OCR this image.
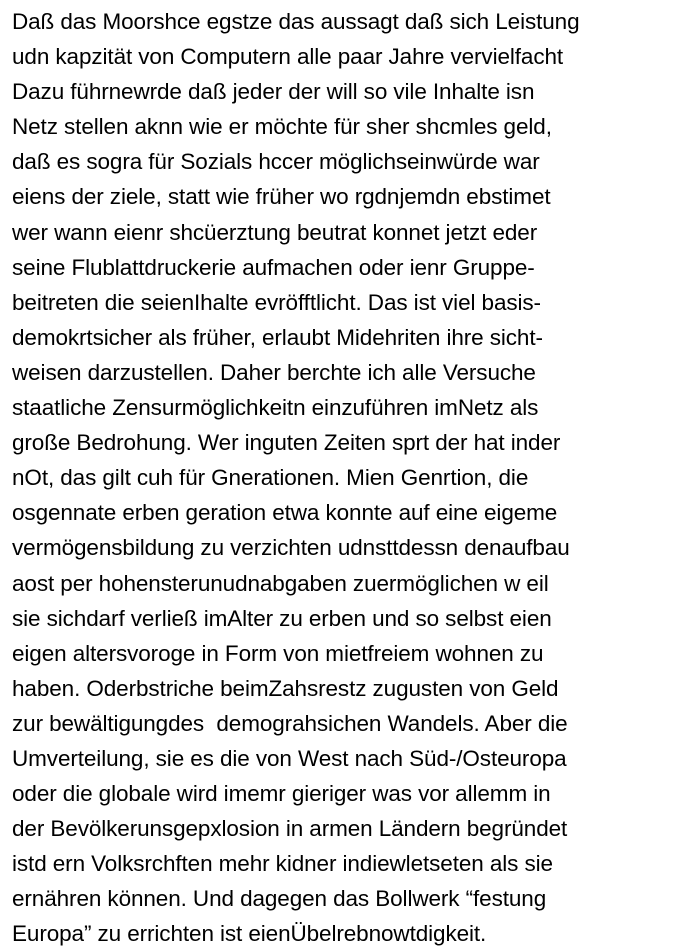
Daß das Moorshce egstze das aussagt daß sich Leistung
udn kapzität von Computern alle paar Jahre vervielfacht
Dazu führnewrde daß jeder der will so vile Inhalte isn
Netz stellen aknn wie er möchte für sher shcmles geld,
daß es sogra für Sozials hccer möglichseinwürde war
eiens der ziele, statt wie früher wo rgdnjemdn ebstimet
wer wann eienr shcüerztung beutrat konnet jetzt eder
seine Flublattdruckerie aufmachen oder ienr Gruppe-
beitreten die seienIhalte evröfftlicht. Das ist viel basis-
demokrtsicher als früher, erlaubt Midehriten ihre sicht-
weisen darzustellen. Daher berchte ich alle Versuche
staatliche Zensurmöglichkeitn einzuführen imNetz als
große Bedrohung. Wer inguten Zeiten sprt der hat inder
nOt, das gilt cuh für Gnerationen. Mien Genrtion, die
osgennate erben geration etwa konnte auf eine eigeme
vermögensbildung zu verzichten udnsttdessn denaufbau
aost per hohensterunudnabgaben zuermöglichen w eil
sie sichdarf verließ imAlter zu erben und so selbst eien
eigen altersvoroge in Form von mietfreiem wohnen zu
haben. Oderbstriche beimZahsrestz zugusten von Geld
zur bewältigungdes  demograhsichen Wandels. Aber die
Umverteilung, sie es die von West nach Süd-/Osteuropa
oder die globale wird imemr gieriger was vor allemm in
der Bevölkerunsgepxlosion in armen Ländern begründet
istd ern Volksrchften mehr kidner indiewletseten als sie
ernähren können. Und dagegen das Bollwerk “festung
Europa” zu errichten ist eienÜbelrebnowtdigkeit.
